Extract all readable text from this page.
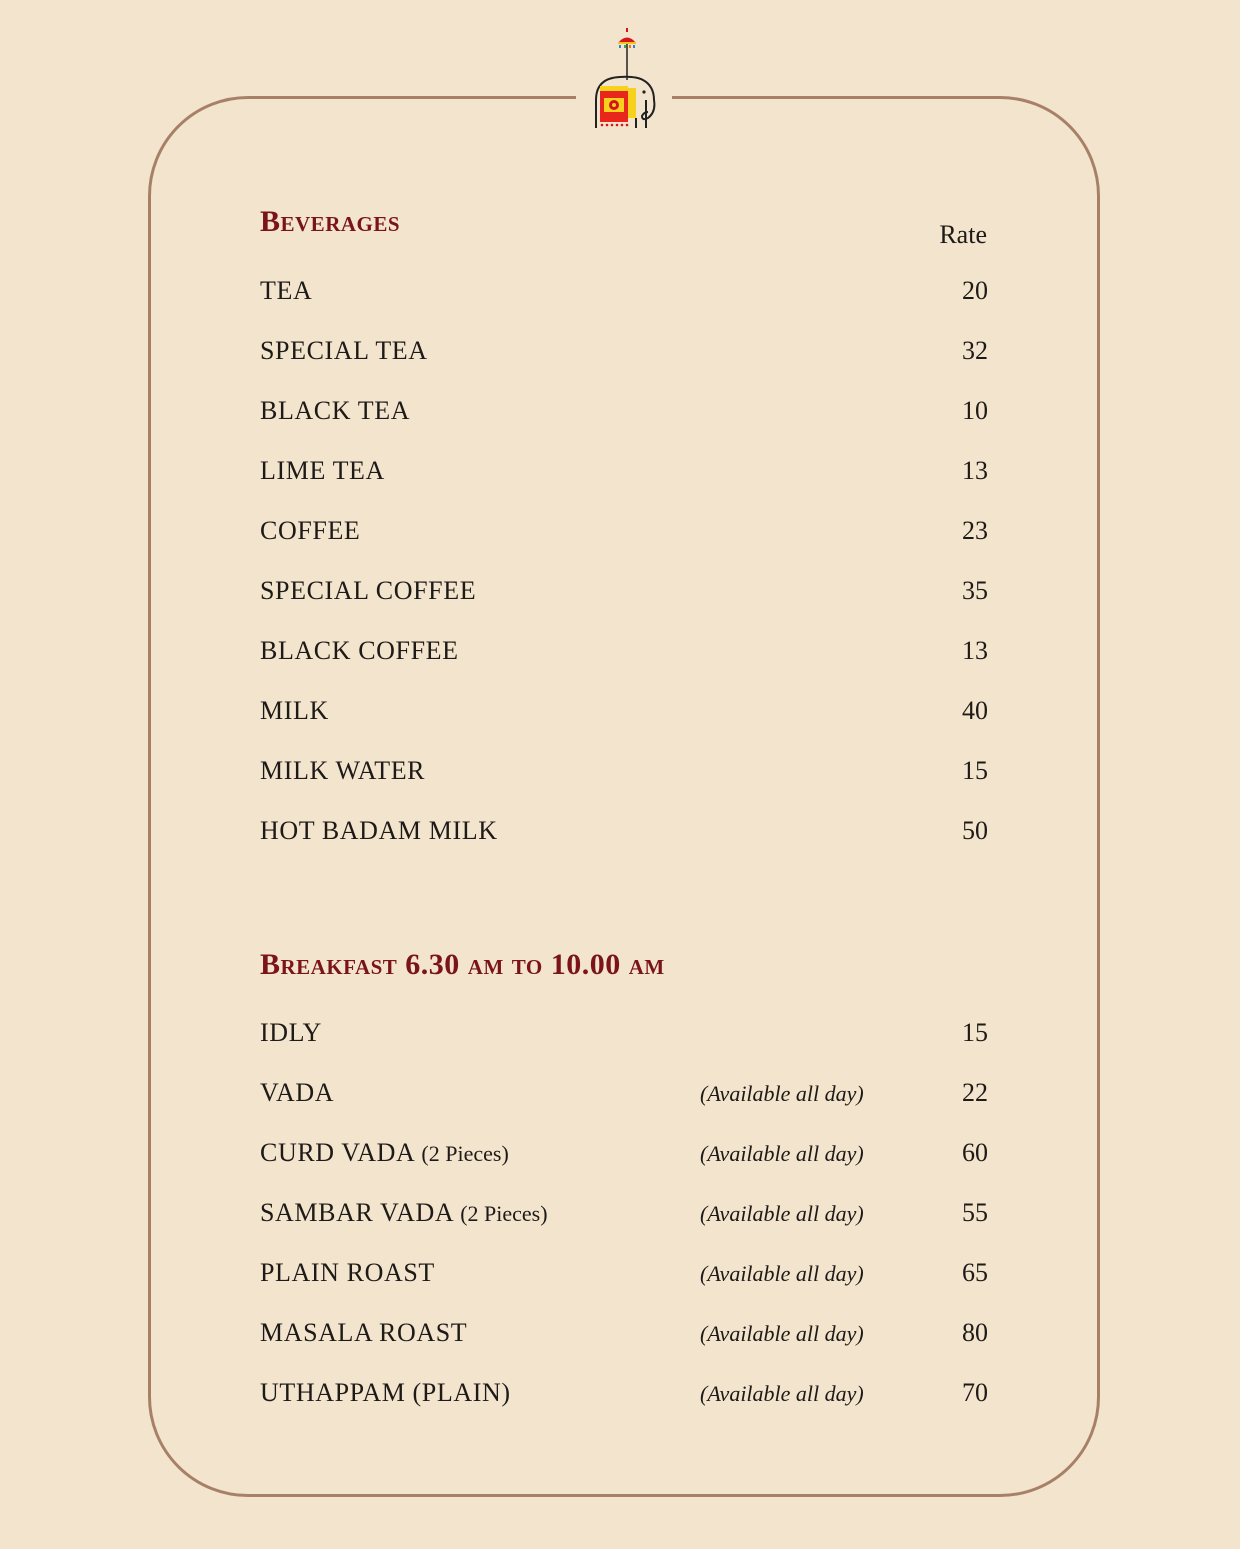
Beverages	Rate
TEA	20
SPECIAL TEA	32
BLACK TEA	10
LIME TEA	13
COFFEE	23
SPECIAL COFFEE	35
BLACK COFFEE	13
MILK	40
MILK WATER	15
HOT BADAM MILK	50
Breakfast 6.30 am to 10.00 am
IDLY	15
VADA	(Available all day)	22
CURD VADA (2 Pieces)	(Available all day)	60
SAMBAR VADA (2 Pieces)	(Available all day)	55
PLAIN ROAST	(Available all day)	65
MASALA ROAST	(Available all day)	80
UTHAPPAM (PLAIN)	(Available all day)	70
